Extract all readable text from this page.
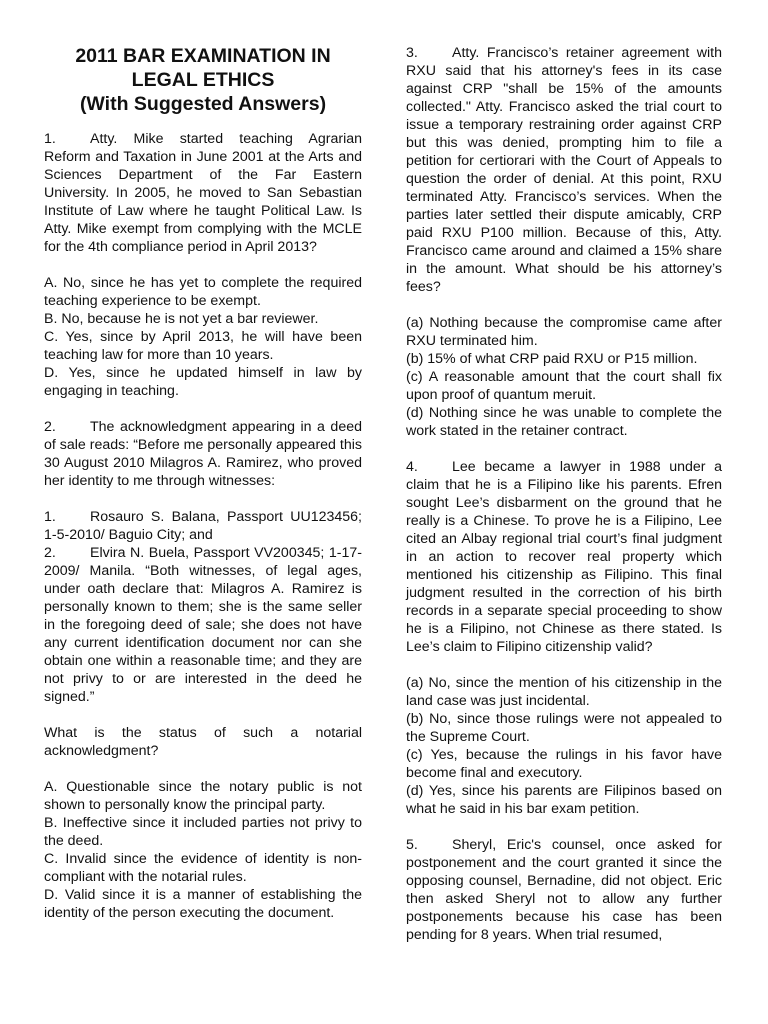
2011 BAR EXAMINATION IN
LEGAL ETHICS
(With Suggested Answers)

1. Atty. Mike started teaching Agrarian Reform and Taxation in June 2001 at the Arts and Sciences Department of the Far Eastern University. In 2005, he moved to San Sebastian Institute of Law where he taught Political Law. Is Atty. Mike exempt from complying with the MCLE for the 4th compliance period in April 2013?

A. No, since he has yet to complete the required teaching experience to be exempt.
B. No, because he is not yet a bar reviewer.
C. Yes, since by April 2013, he will have been teaching law for more than 10 years.
D. Yes, since he updated himself in law by engaging in teaching.

2. The acknowledgment appearing in a deed of sale reads: “Before me personally appeared this 30 August 2010 Milagros A. Ramirez, who proved her identity to me through witnesses:

1. Rosauro S. Balana, Passport UU123456; 1-5-2010/ Baguio City; and
2. Elvira N. Buela, Passport VV200345; 1-17-2009/ Manila. “Both witnesses, of legal ages, under oath declare that: Milagros A. Ramirez is personally known to them; she is the same seller in the foregoing deed of sale; she does not have any current identification document nor can she obtain one within a reasonable time; and they are not privy to or are interested in the deed he signed.”

What is the status of such a notarial acknowledgment?

A. Questionable since the notary public is not shown to personally know the principal party.
B. Ineffective since it included parties not privy to the deed.
C. Invalid since the evidence of identity is non-compliant with the notarial rules.
D. Valid since it is a manner of establishing the identity of the person executing the document.

3. Atty. Francisco’s retainer agreement with RXU said that his attorney's fees in its case against CRP "shall be 15% of the amounts collected." Atty. Francisco asked the trial court to issue a temporary restraining order against CRP but this was denied, prompting him to file a petition for certiorari with the Court of Appeals to question the order of denial. At this point, RXU terminated Atty. Francisco’s services. When the parties later settled their dispute amicably, CRP paid RXU P100 million. Because of this, Atty. Francisco came around and claimed a 15% share in the amount. What should be his attorney’s fees?

(a) Nothing because the compromise came after RXU terminated him.
(b) 15% of what CRP paid RXU or P15 million.
(c) A reasonable amount that the court shall fix upon proof of quantum meruit.
(d) Nothing since he was unable to complete the work stated in the retainer contract.

4. Lee became a lawyer in 1988 under a claim that he is a Filipino like his parents. Efren sought Lee’s disbarment on the ground that he really is a Chinese. To prove he is a Filipino, Lee cited an Albay regional trial court’s final judgment in an action to recover real property which mentioned his citizenship as Filipino. This final judgment resulted in the correction of his birth records in a separate special proceeding to show he is a Filipino, not Chinese as there stated. Is Lee’s claim to Filipino citizenship valid?

(a) No, since the mention of his citizenship in the land case was just incidental.
(b) No, since those rulings were not appealed to the Supreme Court.
(c) Yes, because the rulings in his favor have become final and executory.
(d) Yes, since his parents are Filipinos based on what he said in his bar exam petition.

5. Sheryl, Eric's counsel, once asked for postponement and the court granted it since the opposing counsel, Bernadine, did not object. Eric then asked Sheryl not to allow any further postponements because his case has been pending for 8 years. When trial resumed,
